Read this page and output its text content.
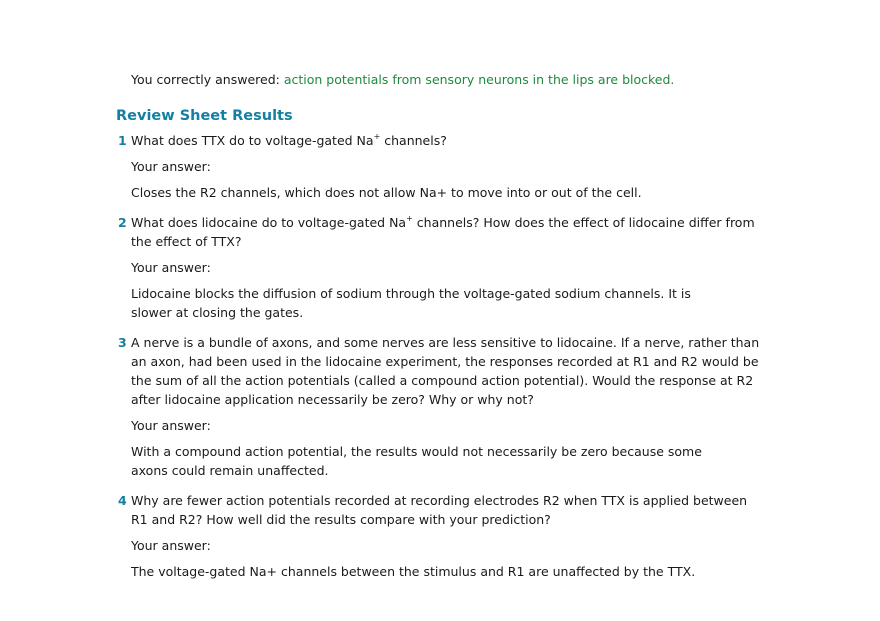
You correctly answered: action potentials from sensory neurons in the lips are blocked.
Review Sheet Results
1 What does TTX do to voltage-gated Na+ channels?

Your answer:

Closes the R2 channels, which does not allow Na+ to move into or out of the cell.

2 What does lidocaine do to voltage-gated Na+ channels? How does the effect of lidocaine differ from the effect of TTX?

Your answer:

Lidocaine blocks the diffusion of sodium through the voltage-gated sodium channels. It is slower at closing the gates.

3 A nerve is a bundle of axons, and some nerves are less sensitive to lidocaine. If a nerve, rather than an axon, had been used in the lidocaine experiment, the responses recorded at R1 and R2 would be the sum of all the action potentials (called a compound action potential). Would the response at R2 after lidocaine application necessarily be zero? Why or why not?

Your answer:

With a compound action potential, the results would not necessarily be zero because some axons could remain unaffected.

4 Why are fewer action potentials recorded at recording electrodes R2 when TTX is applied between R1 and R2? How well did the results compare with your prediction?

Your answer:

The voltage-gated Na+ channels between the stimulus and R1 are unaffected by the TTX.
